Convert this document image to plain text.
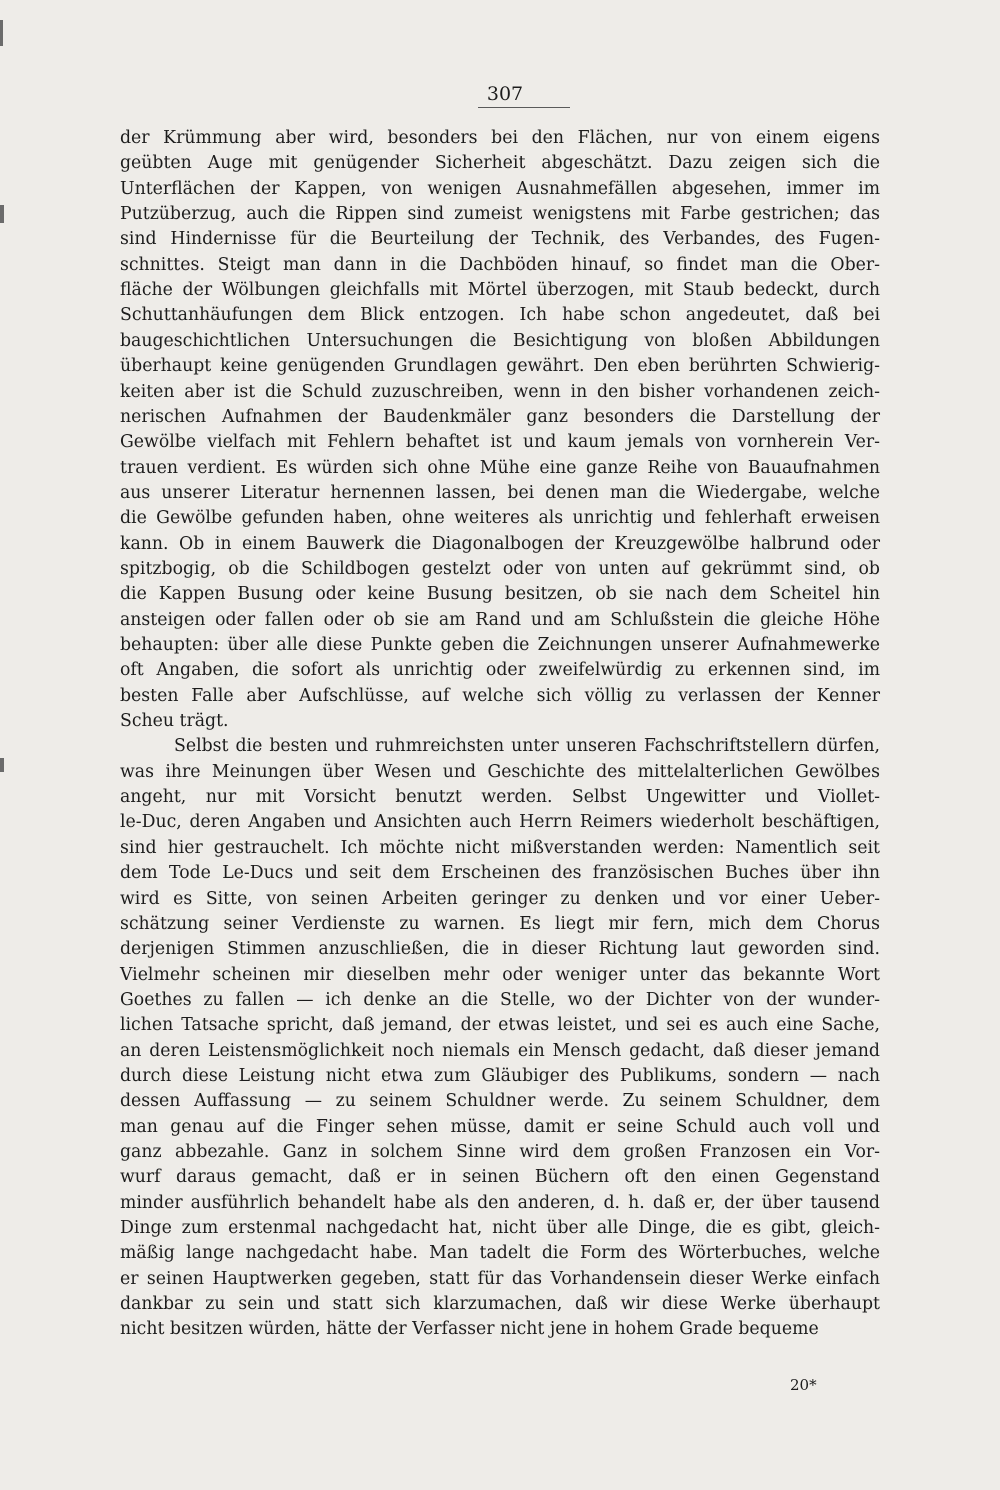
307
der Krümmung aber wird, besonders bei den Flächen, nur von einem eigens
geübten Auge mit genügender Sicherheit abgeschätzt. Dazu zeigen sich die
Unterflächen der Kappen, von wenigen Ausnahmefällen abgesehen, immer im
Putzüberzug, auch die Rippen sind zumeist wenigstens mit Farbe gestrichen; das
sind Hindernisse für die Beurteilung der Technik, des Verbandes, des Fugen-
schnittes. Steigt man dann in die Dachböden hinauf, so findet man die Ober-
fläche der Wölbungen gleichfalls mit Mörtel überzogen, mit Staub bedeckt, durch
Schuttanhäufungen dem Blick entzogen. Ich habe schon angedeutet, daß bei
baugeschichtlichen Untersuchungen die Besichtigung von bloßen Abbildungen
überhaupt keine genügenden Grundlagen gewährt. Den eben berührten Schwierig-
keiten aber ist die Schuld zuzuschreiben, wenn in den bisher vorhandenen zeich-
nerischen Aufnahmen der Baudenkmäler ganz besonders die Darstellung der
Gewölbe vielfach mit Fehlern behaftet ist und kaum jemals von vornherein Ver-
trauen verdient. Es würden sich ohne Mühe eine ganze Reihe von Bauaufnahmen
aus unserer Literatur hernennen lassen, bei denen man die Wiedergabe, welche
die Gewölbe gefunden haben, ohne weiteres als unrichtig und fehlerhaft erweisen
kann. Ob in einem Bauwerk die Diagonalbogen der Kreuzgewölbe halbrund oder
spitzbogig, ob die Schildbogen gestelzt oder von unten auf gekrümmt sind, ob
die Kappen Busung oder keine Busung besitzen, ob sie nach dem Scheitel hin
ansteigen oder fallen oder ob sie am Rand und am Schlußstein die gleiche Höhe
behaupten: über alle diese Punkte geben die Zeichnungen unserer Aufnahmewerke
oft Angaben, die sofort als unrichtig oder zweifelwürdig zu erkennen sind, im
besten Falle aber Aufschlüsse, auf welche sich völlig zu verlassen der Kenner
Scheu trägt.
Selbst die besten und ruhmreichsten unter unseren Fachschriftstellern dürfen,
was ihre Meinungen über Wesen und Geschichte des mittelalterlichen Gewölbes
angeht, nur mit Vorsicht benutzt werden. Selbst Ungewitter und Viollet-
le-Duc, deren Angaben und Ansichten auch Herrn Reimers wiederholt beschäftigen,
sind hier gestrauchelt. Ich möchte nicht mißverstanden werden: Namentlich seit
dem Tode Le-Ducs und seit dem Erscheinen des französischen Buches über ihn
wird es Sitte, von seinen Arbeiten geringer zu denken und vor einer Ueber-
schätzung seiner Verdienste zu warnen. Es liegt mir fern, mich dem Chorus
derjenigen Stimmen anzuschließen, die in dieser Richtung laut geworden sind.
Vielmehr scheinen mir dieselben mehr oder weniger unter das bekannte Wort
Goethes zu fallen — ich denke an die Stelle, wo der Dichter von der wunder-
lichen Tatsache spricht, daß jemand, der etwas leistet, und sei es auch eine Sache,
an deren Leistensmöglichkeit noch niemals ein Mensch gedacht, daß dieser jemand
durch diese Leistung nicht etwa zum Gläubiger des Publikums, sondern — nach
dessen Auffassung — zu seinem Schuldner werde. Zu seinem Schuldner, dem
man genau auf die Finger sehen müsse, damit er seine Schuld auch voll und
ganz abbezahle. Ganz in solchem Sinne wird dem großen Franzosen ein Vor-
wurf daraus gemacht, daß er in seinen Büchern oft den einen Gegenstand
minder ausführlich behandelt habe als den anderen, d. h. daß er, der über tausend
Dinge zum erstenmal nachgedacht hat, nicht über alle Dinge, die es gibt, gleich-
mäßig lange nachgedacht habe. Man tadelt die Form des Wörterbuches, welche
er seinen Hauptwerken gegeben, statt für das Vorhandensein dieser Werke einfach
dankbar zu sein und statt sich klarzumachen, daß wir diese Werke überhaupt
nicht besitzen würden, hätte der Verfasser nicht jene in hohem Grade bequeme
20*
